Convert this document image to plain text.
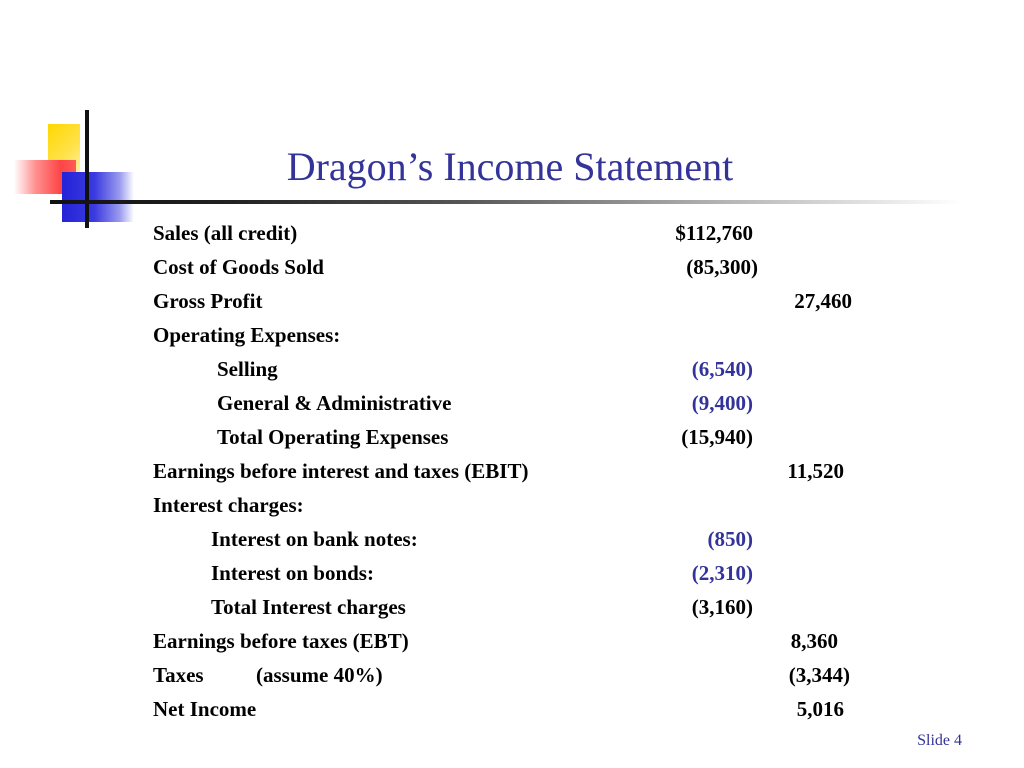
Dragon’s Income Statement
Sales (all credit)	$112,760
Cost of Goods Sold	(85,300)
Gross Profit	27,460
Operating Expenses:
Selling	(6,540)
General & Administrative	(9,400)
Total Operating Expenses	(15,940)
Earnings before interest and taxes (EBIT)	11,520
Interest charges:
Interest on bank notes:	(850)
Interest on bonds:	(2,310)
Total Interest charges	(3,160)
Earnings before taxes (EBT)	8,360
Taxes (assume 40%)	(3,344)
Net Income	5,016
Slide 4
